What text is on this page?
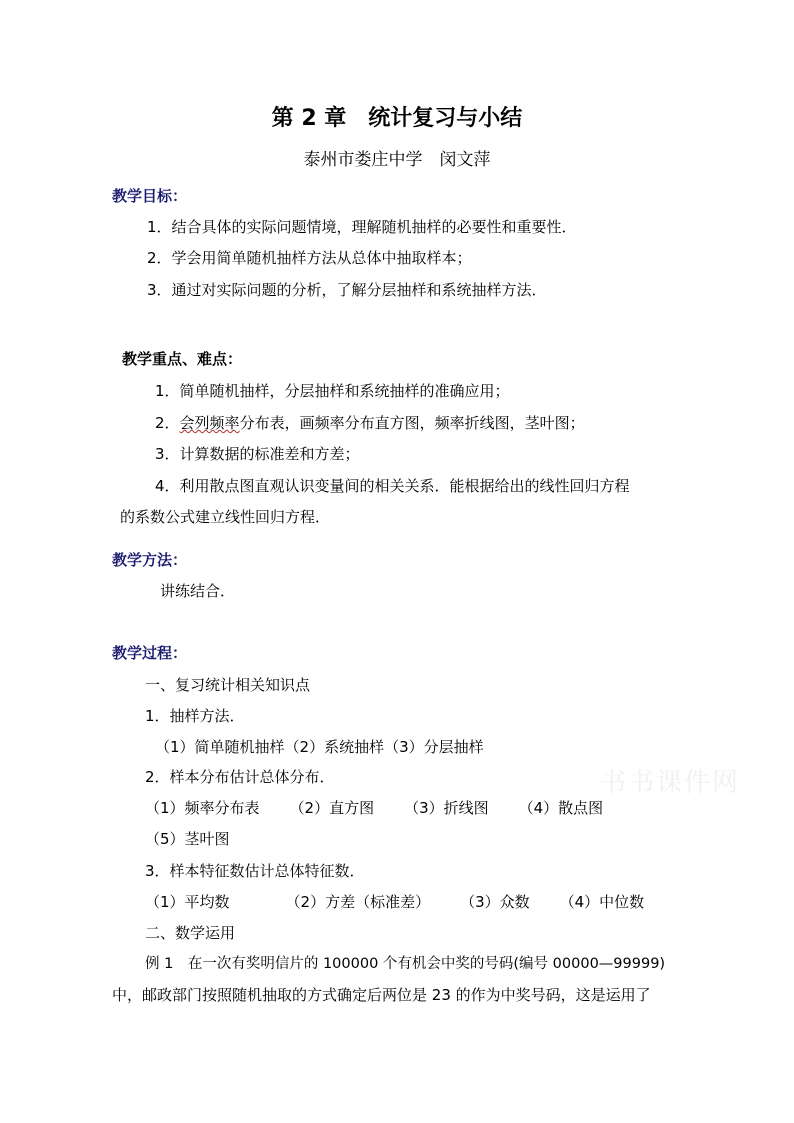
第 2 章　统计复习与小结
泰州市娄庄中学　闵文萍
教学目标：
1．结合具体的实际问题情境，理解随机抽样的必要性和重要性．
2．学会用简单随机抽样方法从总体中抽取样本；
3．通过对实际问题的分析，了解分层抽样和系统抽样方法．
教学重点、难点：
1．简单随机抽样，分层抽样和系统抽样的准确应用；
2．会列频率分布表，画频率分布直方图，频率折线图，茎叶图；
3．计算数据的标准差和方差；
4．利用散点图直观认识变量间的相关关系．能根据给出的线性回归方程
的系数公式建立线性回归方程．
教学方法：
讲练结合．
教学过程：
一、复习统计相关知识点
1．抽样方法．
（1）简单随机抽样（2）系统抽样（3）分层抽样
2．样本分布估计总体分布．
（1）频率分布表 （2）直方图 （3）折线图 （4）散点图
（5）茎叶图
3．样本特征数估计总体特征数．
（1）平均数	（2）方差（标准差） （3）众数 （4）中位数
二、数学运用
例 1　在一次有奖明信片的 100000 个有机会中奖的号码(编号 00000—99999)
中，邮政部门按照随机抽取的方式确定后两位是 23 的作为中奖号码，这是运用了
书书课件网
